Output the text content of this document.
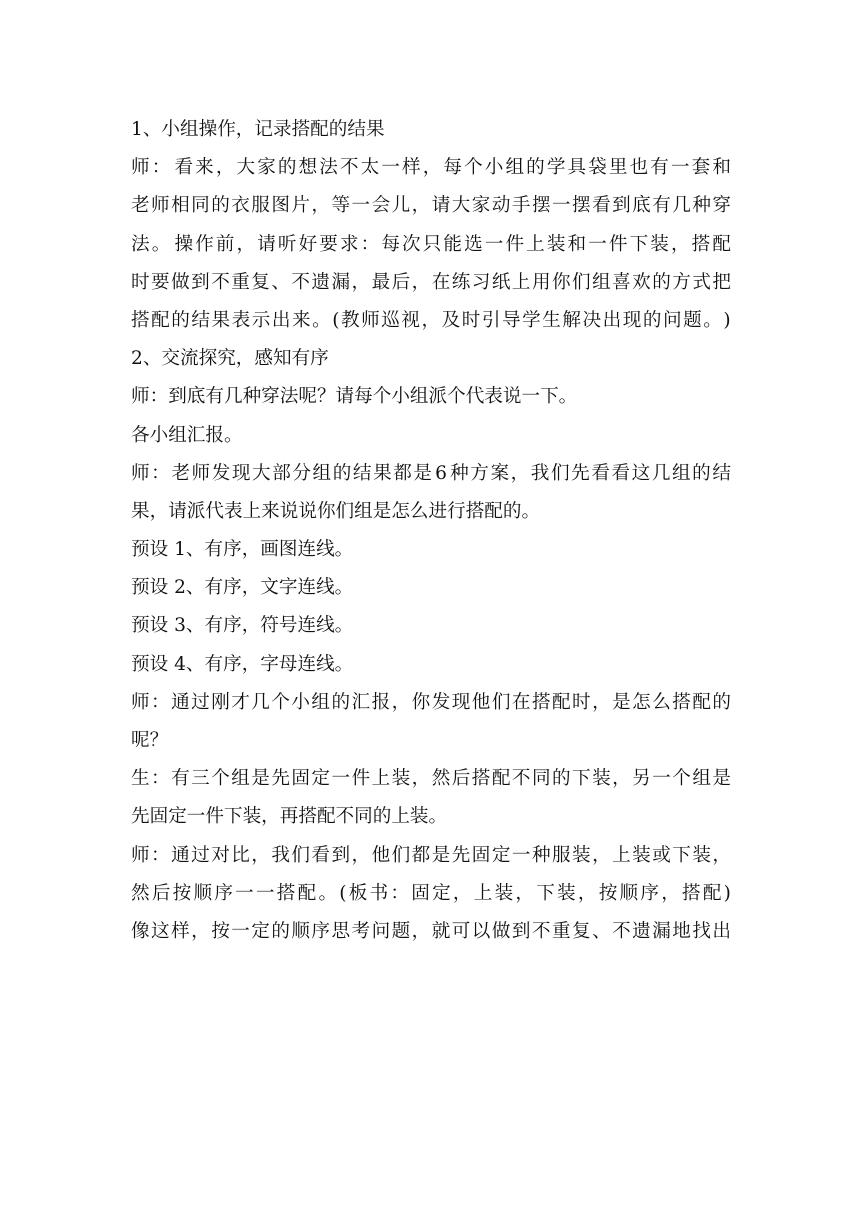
1、小组操作，记录搭配的结果
师 ： 看 来 ， 大 家 的 想 法 不 太 一 样 ， 每 个 小 组 的 学 具 袋 里 也 有 一 套 和
老 师 相 同 的 衣 服 图 片 ， 等 一 会 儿 ， 请 大 家 动 手 摆 一 摆 看 到 底 有 几 种 穿
法 。 操 作 前 ， 请 听 好 要 求 ： 每 次 只 能 选 一 件 上 装 和 一 件 下 装 ， 搭 配
时 要 做 到 不 重 复 、 不 遗 漏 ， 最 后 ， 在 练 习 纸 上 用 你 们 组 喜 欢 的 方 式 把
搭 配 的 结 果 表 示 出 来 。 ( 教 师 巡 视 ， 及 时 引 导 学 生 解 决 出 现 的 问 题 。 )
2、交流探究，感知有序
师：到底有几种穿法呢？请每个小组派个代表说一下。
各小组汇报。
师 ： 老 师 发 现 大 部 分 组 的 结 果 都 是 6 种 方 案 ， 我 们 先 看 看 这 几 组 的 结
果，请派代表上来说说你们组是怎么进行搭配的。
预设 1、有序，画图连线。
预设 2、有序，文字连线。
预设 3、有序，符号连线。
预设 4、有序，字母连线。
师 ： 通 过 刚 才 几 个 小 组 的 汇 报 ， 你 发 现 他 们 在 搭 配 时 ， 是 怎 么 搭 配 的
呢？
生 ： 有 三 个 组 是 先 固 定 一 件 上 装 ， 然 后 搭 配 不 同 的 下 装 ， 另 一 个 组 是
先固定一件下装，再搭配不同的上装。
师 ： 通 过 对 比 ， 我 们 看 到 ， 他 们 都 是 先 固 定 一 种 服 装 ， 上 装 或 下 装 ，
然 后 按 顺 序 一 一 搭 配 。 ( 板 书 ： 固 定 ， 上 装 ， 下 装 ， 按 顺 序 ， 搭 配 )
像 这 样 ， 按 一 定 的 顺 序 思 考 问 题 ， 就 可 以 做 到 不 重 复 、 不 遗 漏 地 找 出
